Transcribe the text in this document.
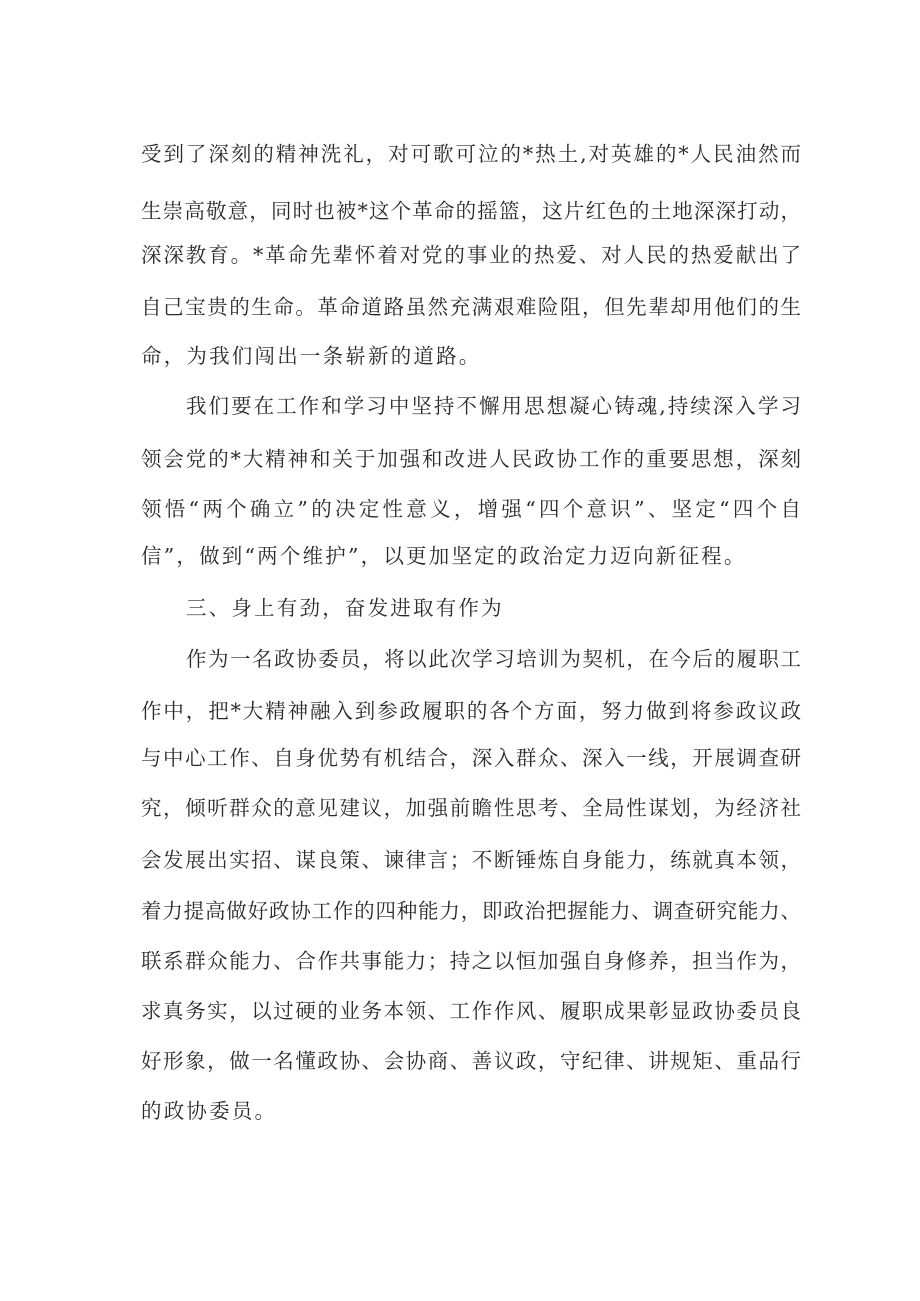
受到了深刻的精神洗礼，对可歌可泣的*热土,对英雄的*人民油然而
生崇高敬意，同时也被*这个革命的摇篮，这片红色的土地深深打动，
深深教育。*革命先辈怀着对党的事业的热爱、对人民的热爱献出了
自己宝贵的生命。革命道路虽然充满艰难险阻，但先辈却用他们的生
命，为我们闯出一条崭新的道路。
我们要在工作和学习中坚持不懈用思想凝心铸魂,持续深入学习
领会党的*大精神和关于加强和改进人民政协工作的重要思想，深刻
领悟“两个确立”的决定性意义，增强“四个意识”、坚定“四个自
信”，做到“两个维护”，以更加坚定的政治定力迈向新征程。
三、身上有劲，奋发进取有作为
作为一名政协委员，将以此次学习培训为契机，在今后的履职工
作中，把*大精神融入到参政履职的各个方面，努力做到将参政议政
与中心工作、自身优势有机结合，深入群众、深入一线，开展调查研
究，倾听群众的意见建议，加强前瞻性思考、全局性谋划，为经济社
会发展出实招、谋良策、谏律言；不断锤炼自身能力，练就真本领，
着力提高做好政协工作的四种能力，即政治把握能力、调查研究能力、
联系群众能力、合作共事能力；持之以恒加强自身修养，担当作为，
求真务实，以过硬的业务本领、工作作风、履职成果彰显政协委员良
好形象，做一名懂政协、会协商、善议政，守纪律、讲规矩、重品行
的政协委员。
